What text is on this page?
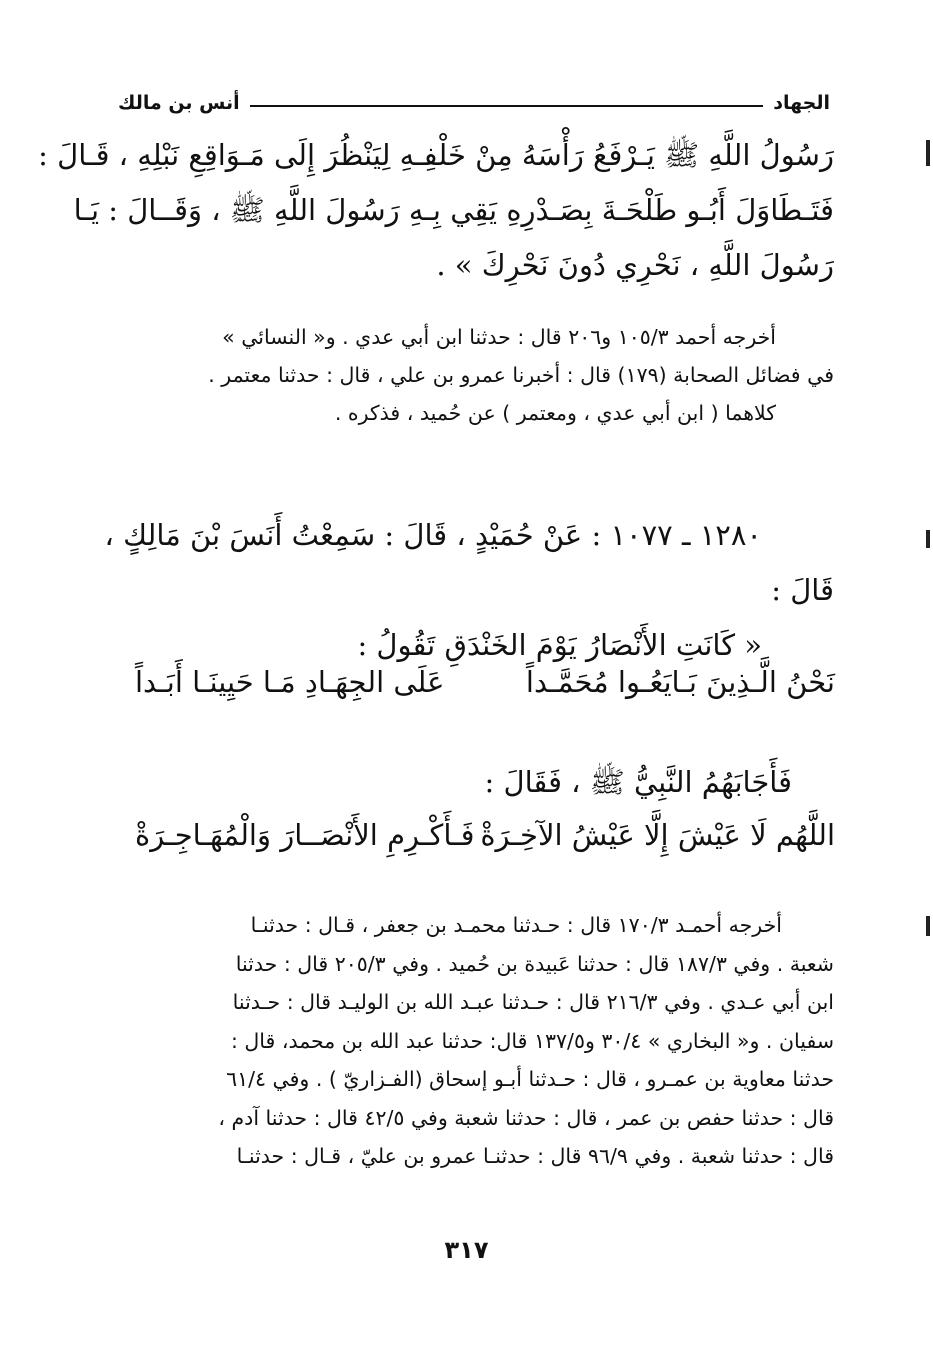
الجهاد
أنس بن مالك
رَسُولُ اللَّهِ ﷺ يَـرْفَعُ رَأْسَهُ مِنْ خَلْفِـهِ لِيَنْظُرَ إِلَى مَـوَاقِعِ نَبْلِهِ ، قَـالَ :
فَتَـطَاوَلَ أَبُـو طَلْحَـةَ بِصَـدْرِهِ يَقِي بِـهِ رَسُولَ اللَّهِ ﷺ ، وَقَــالَ : يَـا
رَسُولَ اللَّهِ ، نَحْرِي دُونَ نَحْرِكَ » .
أخرجه أحمد ١٠٥/٣ و٢٠٦ قال : حدثنا ابن أبي عدي . و« النسائي »
في فضائل الصحابة (١٧٩) قال : أخبرنا عمرو بن علي ، قال : حدثنا معتمر .
كلاهما ( ابن أبي عدي ، ومعتمر ) عن حُميد ، فذكره .
١٢٨٠ ـ ١٠٧٧ : عَنْ حُمَيْدٍ ، قَالَ : سَمِعْتُ أَنَسَ بْنَ مَالِكٍ ،
قَالَ :
« كَانَتِ الأَنْصَارُ يَوْمَ الخَنْدَقِ تَقُولُ :
نَحْنُ الَّـذِينَ بَـايَعُـوا مُحَمَّـداً
عَلَى الجِهَـادِ مَـا حَيِينَـا أَبَـداً
فَأَجَابَهُمُ النَّبِيُّ ﷺ ، فَقَالَ :
اللَّهُم لَا عَيْشَ إِلَّا عَيْشُ الآخِـرَةْ
فَـأَكْـرِمِ الأَنْصَــارَ وَالْمُهَـاجِـرَةْ
أخرجه أحمـد ١٧٠/٣ قال : حـدثنا محمـد بن جعفر ، قـال : حدثنـا
شعبة . وفي ١٨٧/٣ قال : حدثنا عَبيدة بن حُميد . وفي ٢٠٥/٣ قال : حدثنا
ابن أبي عـدي . وفي ٢١٦/٣ قال : حـدثنا عبـد الله بن الوليـد قال : حـدثنا
سفيان . و« البخاري » ٣٠/٤ و١٣٧/٥ قال: حدثنا عبد الله بن محمد، قال :
حدثنا معاوية بن عمـرو ، قال : حـدثنا أبـو إسحاق (الفـزاريّ ) . وفي ٦١/٤
قال : حدثنا حفص بن عمر ، قال : حدثنا شعبة وفي ٤٢/٥ قال : حدثنا آدم ،
قال : حدثنا شعبة . وفي ٩٦/٩ قال : حدثنـا عمرو بن عليّ ، قـال : حدثنـا
٣١٧
